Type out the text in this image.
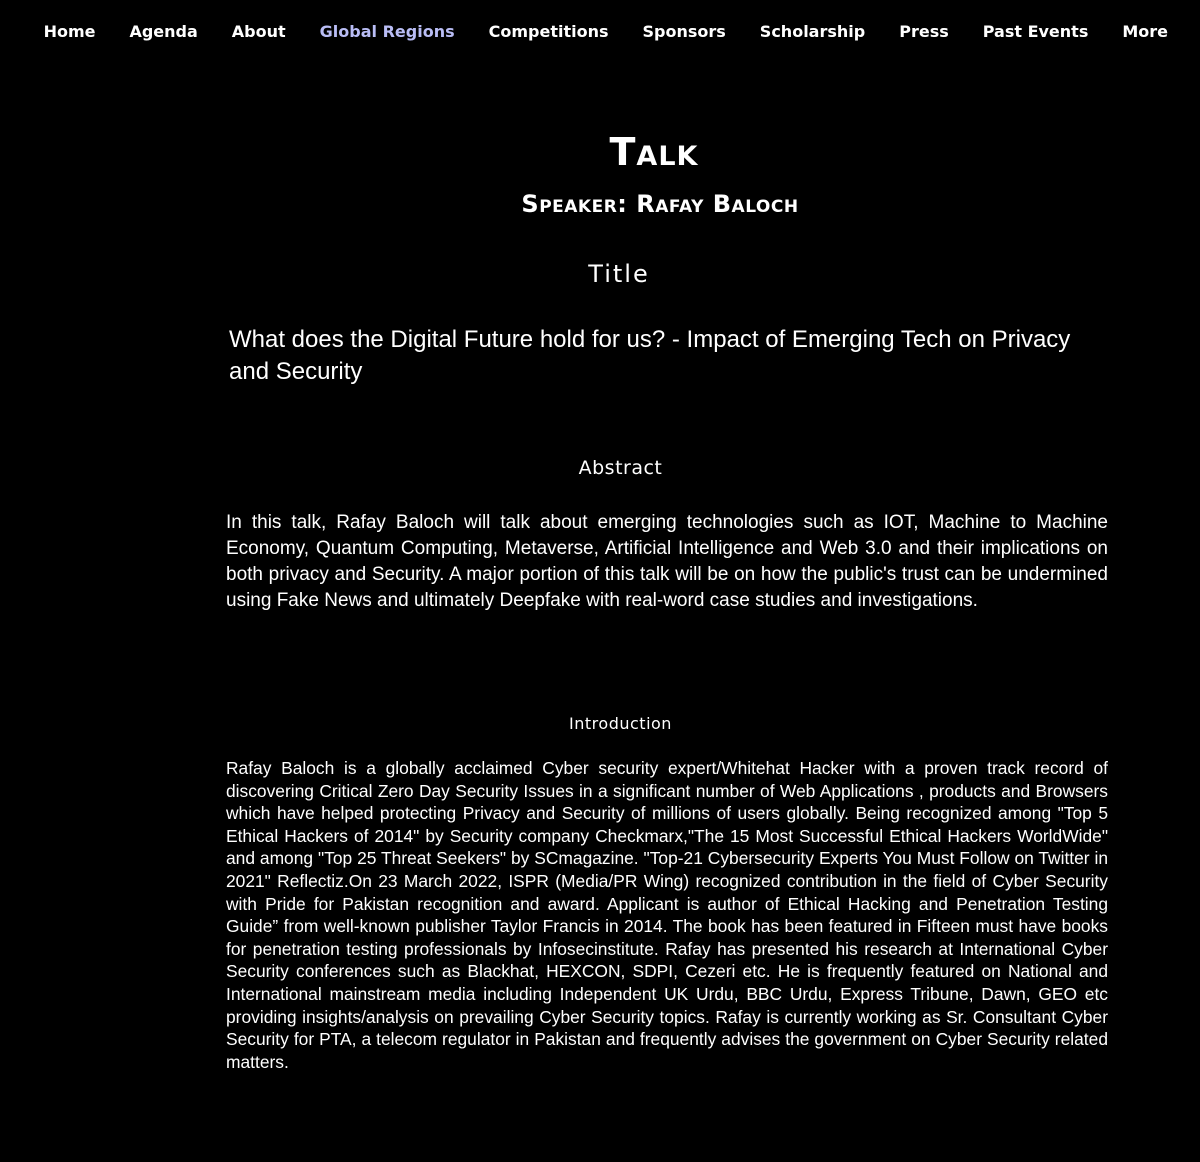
Home Agenda About Global Regions Competitions Sponsors Scholarship Press Past Events More
Talk
Speaker: Rafay Baloch
Title

What does the Digital Future hold for us? - Impact of Emerging Tech on Privacy and Security

Abstract

In this talk, Rafay Baloch will talk about emerging technologies such as IOT, Machine to Machine Economy, Quantum Computing, Metaverse, Artificial Intelligence and Web 3.0 and their implications on both privacy and Security. A major portion of this talk will be on how the public's trust can be undermined using Fake News and ultimately Deepfake with real-word case studies and investigations.

Introduction

Rafay Baloch is a globally acclaimed Cyber security expert/Whitehat Hacker with a proven track record of discovering Critical Zero Day Security Issues in a significant number of Web Applications , products and Browsers which have helped protecting Privacy and Security of millions of users globally. Being recognized among "Top 5 Ethical Hackers of 2014" by Security company Checkmarx,"The 15 Most Successful Ethical Hackers WorldWide" and among "Top 25 Threat Seekers" by SCmagazine. "Top-21 Cybersecurity Experts You Must Follow on Twitter in 2021" Reflectiz.On 23 March 2022, ISPR (Media/PR Wing) recognized contribution in the field of Cyber Security with Pride for Pakistan recognition and award. Applicant is author of Ethical Hacking and Penetration Testing Guide” from well-known publisher Taylor Francis in 2014. The book has been featured in Fifteen must have books for penetration testing professionals by Infosecinstitute. Rafay has presented his research at International Cyber Security conferences such as Blackhat, HEXCON, SDPI, Cezeri etc. He is frequently featured on National and International mainstream media including Independent UK Urdu, BBC Urdu, Express Tribune, Dawn, GEO etc providing insights/analysis on prevailing Cyber Security topics. Rafay is currently working as Sr. Consultant Cyber Security for PTA, a telecom regulator in Pakistan and frequently advises the government on Cyber Security related matters.
